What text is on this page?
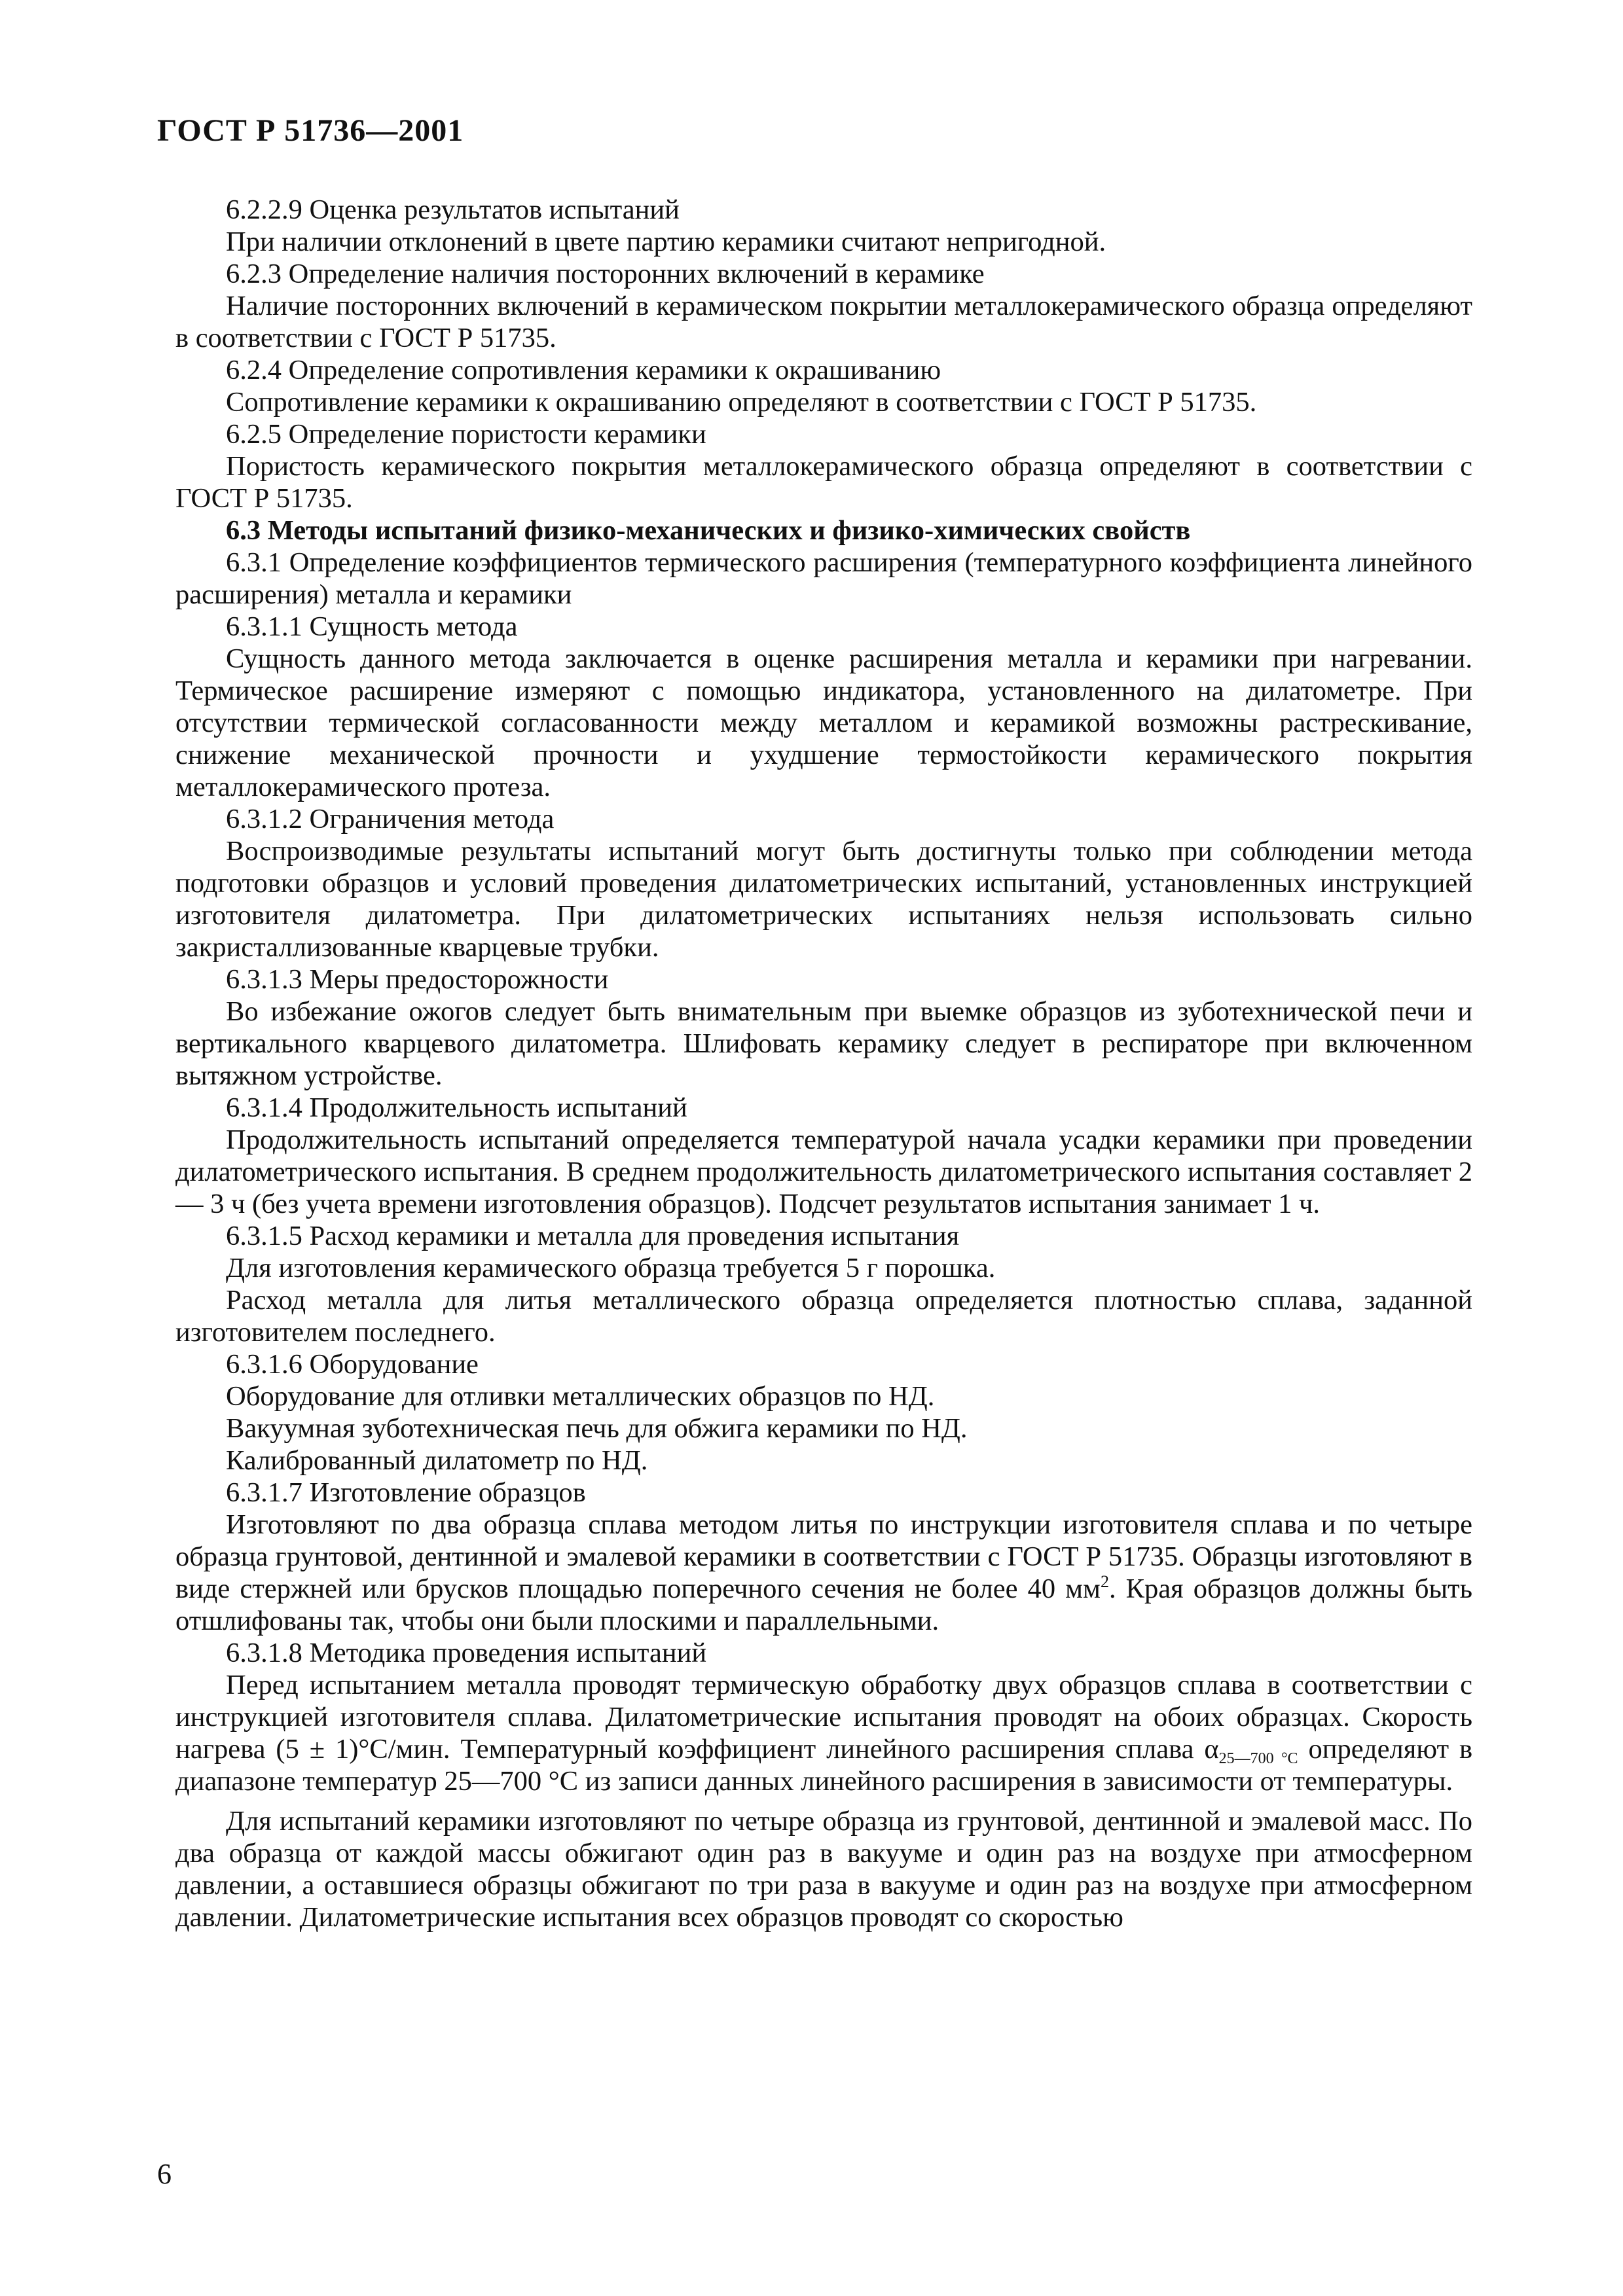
ГОСТ Р 51736—2001

6.2.2.9 Оценка результатов испытаний

При наличии отклонений в цвете партию керамики считают непригодной.

6.2.3 Определение наличия посторонних включений в керамике

Наличие посторонних включений в керамическом покрытии металлокерамического образца определяют в соответствии с ГОСТ Р 51735.

6.2.4 Определение сопротивления керамики к окрашиванию

Сопротивление керамики к окрашиванию определяют в соответствии с ГОСТ Р 51735.

6.2.5 Определение пористости керамики

Пористость керамического покрытия металлокерамического образца определяют в соответствии с ГОСТ Р 51735.

6.3 Методы испытаний физико-механических и физико-химических свойств

6.3.1 Определение коэффициентов термического расширения (температурного коэффициента линейного расширения) металла и керамики

6.3.1.1 Сущность метода

Сущность данного метода заключается в оценке расширения металла и керамики при нагревании. Термическое расширение измеряют с помощью индикатора, установленного на дилатометре. При отсутствии термической согласованности между металлом и керамикой возможны растрескивание, снижение механической прочности и ухудшение термостойкости керамического покрытия металлокерамического протеза.

6.3.1.2 Ограничения метода

Воспроизводимые результаты испытаний могут быть достигнуты только при соблюдении метода подготовки образцов и условий проведения дилатометрических испытаний, установленных инструкцией изготовителя дилатометра. При дилатометрических испытаниях нельзя использовать сильно закристаллизованные кварцевые трубки.

6.3.1.3 Меры предосторожности

Во избежание ожогов следует быть внимательным при выемке образцов из зуботехнической печи и вертикального кварцевого дилатометра. Шлифовать керамику следует в респираторе при включенном вытяжном устройстве.

6.3.1.4 Продолжительность испытаний

Продолжительность испытаний определяется температурой начала усадки керамики при проведении дилатометрического испытания. В среднем продолжительность дилатометрического испытания составляет 2 — 3 ч (без учета времени изготовления образцов). Подсчет результатов испытания занимает 1 ч.

6.3.1.5 Расход керамики и металла для проведения испытания

Для изготовления керамического образца требуется 5 г порошка.

Расход металла для литья металлического образца определяется плотностью сплава, заданной изготовителем последнего.

6.3.1.6 Оборудование

Оборудование для отливки металлических образцов по НД.

Вакуумная зуботехническая печь для обжига керамики по НД.

Калиброванный дилатометр по НД.

6.3.1.7 Изготовление образцов

Изготовляют по два образца сплава методом литья по инструкции изготовителя сплава и по четыре образца грунтовой, дентинной и эмалевой керамики в соответствии с ГОСТ Р 51735. Образцы изготовляют в виде стержней или брусков площадью поперечного сечения не более 40 $мм^2$. Края образцов должны быть отшлифованы так, чтобы они были плоскими и параллельными.

6.3.1.8 Методика проведения испытаний

Перед испытанием металла проводят термическую обработку двух образцов сплава в соответствии с инструкцией изготовителя сплава. Дилатометрические испытания проводят на обоих образцах. Скорость нагрева (5 ± 1)°С/мин. Температурный коэффициент линейного расширения сплава $\alpha_{25—700 ^\circ С}$ определяют в диапазоне температур 25—700 °С из записи данных линейного расширения в зависимости от температуры.

Для испытаний керамики изготовляют по четыре образца из грунтовой, дентинной и эмалевой масс. По два образца от каждой массы обжигают один раз в вакууме и один раз на воздухе при атмосферном давлении, а оставшиеся образцы обжигают по три раза в вакууме и один раз на воздухе при атмосферном давлении. Дилатометрические испытания всех образцов проводят со скоростью

6
